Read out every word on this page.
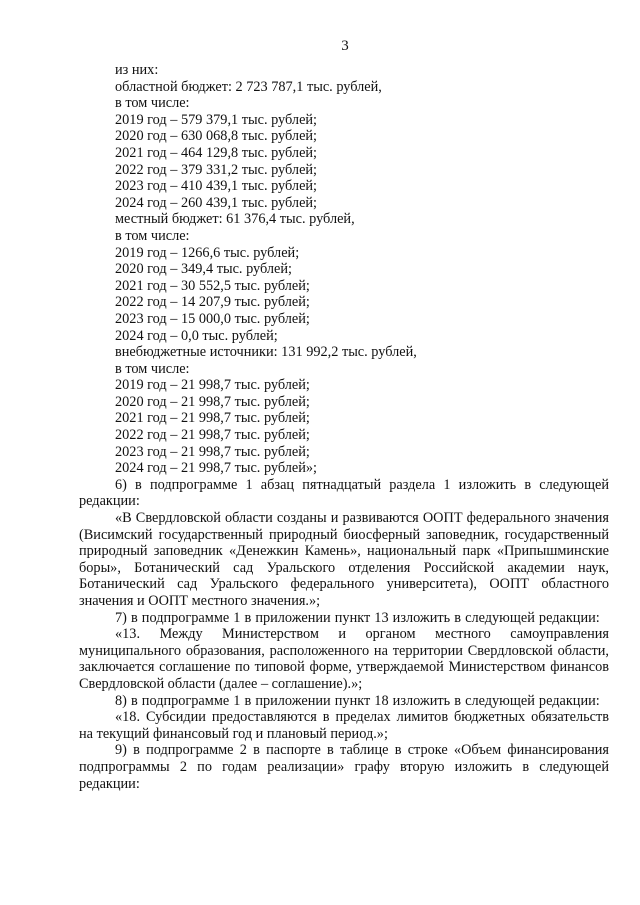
3
из них:
областной бюджет: 2 723 787,1 тыс. рублей,
в том числе:
2019 год – 579 379,1 тыс. рублей;
2020 год – 630 068,8 тыс. рублей;
2021 год – 464 129,8 тыс. рублей;
2022 год – 379 331,2 тыс. рублей;
2023 год – 410 439,1 тыс. рублей;
2024 год – 260 439,1 тыс. рублей;
местный бюджет: 61 376,4 тыс. рублей,
в том числе:
2019 год – 1266,6 тыс. рублей;
2020 год – 349,4 тыс. рублей;
2021 год – 30 552,5 тыс. рублей;
2022 год – 14 207,9 тыс. рублей;
2023 год – 15 000,0 тыс. рублей;
2024 год – 0,0 тыс. рублей;
внебюджетные источники: 131 992,2 тыс. рублей,
в том числе:
2019 год – 21 998,7 тыс. рублей;
2020 год – 21 998,7 тыс. рублей;
2021 год – 21 998,7 тыс. рублей;
2022 год – 21 998,7 тыс. рублей;
2023 год – 21 998,7 тыс. рублей;
2024 год – 21 998,7 тыс. рублей»;
6) в подпрограмме 1 абзац пятнадцатый раздела 1 изложить в следующей редакции:
«В Свердловской области созданы и развиваются ООПТ федерального значения (Висимский государственный природный биосферный заповедник, государственный природный заповедник «Денежкин Камень», национальный парк «Припышминские боры», Ботанический сад Уральского отделения Российской академии наук, Ботанический сад Уральского федерального университета), ООПТ областного значения и ООПТ местного значения.»;
7) в подпрограмме 1 в приложении пункт 13 изложить в следующей редакции:
«13. Между Министерством и органом местного самоуправления муниципального образования, расположенного на территории Свердловской области, заключается соглашение по типовой форме, утверждаемой Министерством финансов Свердловской области (далее – соглашение).»;
8) в подпрограмме 1 в приложении пункт 18 изложить в следующей редакции:
«18. Субсидии предоставляются в пределах лимитов бюджетных обязательств на текущий финансовый год и плановый период.»;
9) в подпрограмме 2 в паспорте в таблице в строке «Объем финансирования подпрограммы 2 по годам реализации» графу вторую изложить в следующей редакции:
